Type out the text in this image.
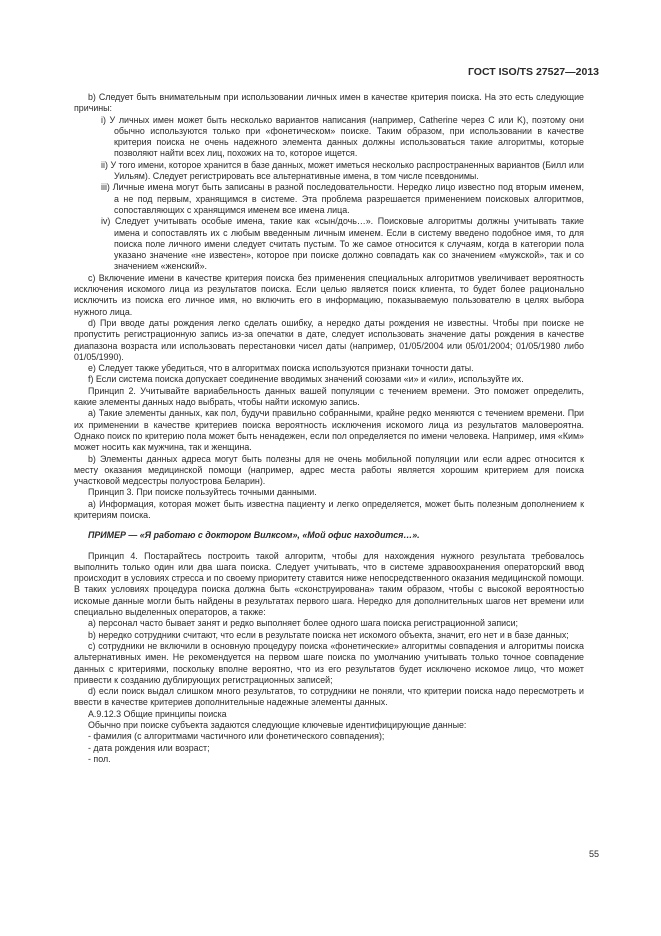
ГОСТ ISO/TS 27527—2013

b) Следует быть внимательным при использовании личных имен в качестве критерия поиска. На это есть следующие причины:

i) У личных имен может быть несколько вариантов написания (например, Catherine через C или K), поэтому они обычно используются только при «фонетическом» поиске. Таким образом, при использовании в качестве критерия поиска не очень надежного элемента данных должны использоваться такие алгоритмы, которые позволяют найти всех лиц, похожих на то, которое ищется.

ii) У того имени, которое хранится в базе данных, может иметься несколько распространенных вариантов (Билл или Уильям). Следует регистрировать все альтернативные имена, в том числе псевдонимы.

iii) Личные имена могут быть записаны в разной последовательности. Нередко лицо известно под вторым именем, а не под первым, хранящимся в системе. Эта проблема разрешается применением поисковых алгоритмов, сопоставляющих с хранящимся именем все имена лица.

iv) Следует учитывать особые имена, такие как «сын/дочь…». Поисковые алгоритмы должны учитывать такие имена и сопоставлять их с любым введенным личным именем. Если в систему введено подобное имя, то для поиска поле личного имени следует считать пустым. То же самое относится к случаям, когда в категории пола указано значение «не известен», которое при поиске должно совпадать как со значением «мужской», так и со значением «женский».

c) Включение имени в качестве критерия поиска без применения специальных алгоритмов увеличивает вероятность исключения искомого лица из результатов поиска. Если целью является поиск клиента, то будет более рационально исключить из поиска его личное имя, но включить его в информацию, показываемую пользователю в целях выбора нужного лица.

d) При вводе даты рождения легко сделать ошибку, а нередко даты рождения не известны. Чтобы при поиске не пропустить регистрационную запись из-за опечатки в дате, следует использовать значение даты рождения в качестве диапазона возраста или использовать перестановки чисел даты (например, 01/05/2004 или 05/01/2004; 01/05/1980 либо 01/05/1990).

e) Следует также убедиться, что в алгоритмах поиска используются признаки точности даты.

f) Если система поиска допускает соединение вводимых значений союзами «и» и «или», используйте их.

Принцип 2. Учитывайте вариабельность данных вашей популяции с течением времени. Это поможет определить, какие элементы данных надо выбрать, чтобы найти искомую запись.

a) Такие элементы данных, как пол, будучи правильно собранными, крайне редко меняются с течением времени. При их применении в качестве критериев поиска вероятность исключения искомого лица из результатов маловероятна. Однако поиск по критерию пола может быть ненадежен, если пол определяется по имени человека. Например, имя «Ким» может носить как мужчина, так и женщина.

b) Элементы данных адреса могут быть полезны для не очень мобильной популяции или если адрес относится к месту оказания медицинской помощи (например, адрес места работы является хорошим критерием для поиска участковой медсестры полуострова Беларин).

Принцип 3. При поиске пользуйтесь точными данными.

a) Информация, которая может быть известна пациенту и легко определяется, может быть полезным дополнением к критериям поиска.

ПРИМЕР — «Я работаю с доктором Вилксом», «Мой офис находится…».

Принцип 4. Постарайтесь построить такой алгоритм, чтобы для нахождения нужного результата требовалось выполнить только один или два шага поиска. Следует учитывать, что в системе здравоохранения операторский ввод происходит в условиях стресса и по своему приоритету ставится ниже непосредственного оказания медицинской помощи. В таких условиях процедура поиска должна быть «сконструирована» таким образом, чтобы с высокой вероятностью искомые данные могли быть найдены в результатах первого шага. Нередко для дополнительных шагов нет времени или специально выделенных операторов, а также:

a) персонал часто бывает занят и редко выполняет более одного шага поиска регистрационной записи;

b) нередко сотрудники считают, что если в результате поиска нет искомого объекта, значит, его нет и в базе данных;

c) сотрудники не включили в основную процедуру поиска «фонетические» алгоритмы совпадения и алгоритмы поиска альтернативных имен. Не рекомендуется на первом шаге поиска по умолчанию учитывать только точное совпадение данных с критериями, поскольку вполне вероятно, что из его результатов будет исключено искомое лицо, что может привести к созданию дублирующих регистрационных записей;

d) если поиск выдал слишком много результатов, то сотрудники не поняли, что критерии поиска надо пересмотреть и ввести в качестве критериев дополнительные надежные элементы данных.

А.9.12.3 Общие принципы поиска

Обычно при поиске субъекта задаются следующие ключевые идентифицирующие данные:

- фамилия (с алгоритмами частичного или фонетического совпадения);

- дата рождения или возраст;

- пол.

55
